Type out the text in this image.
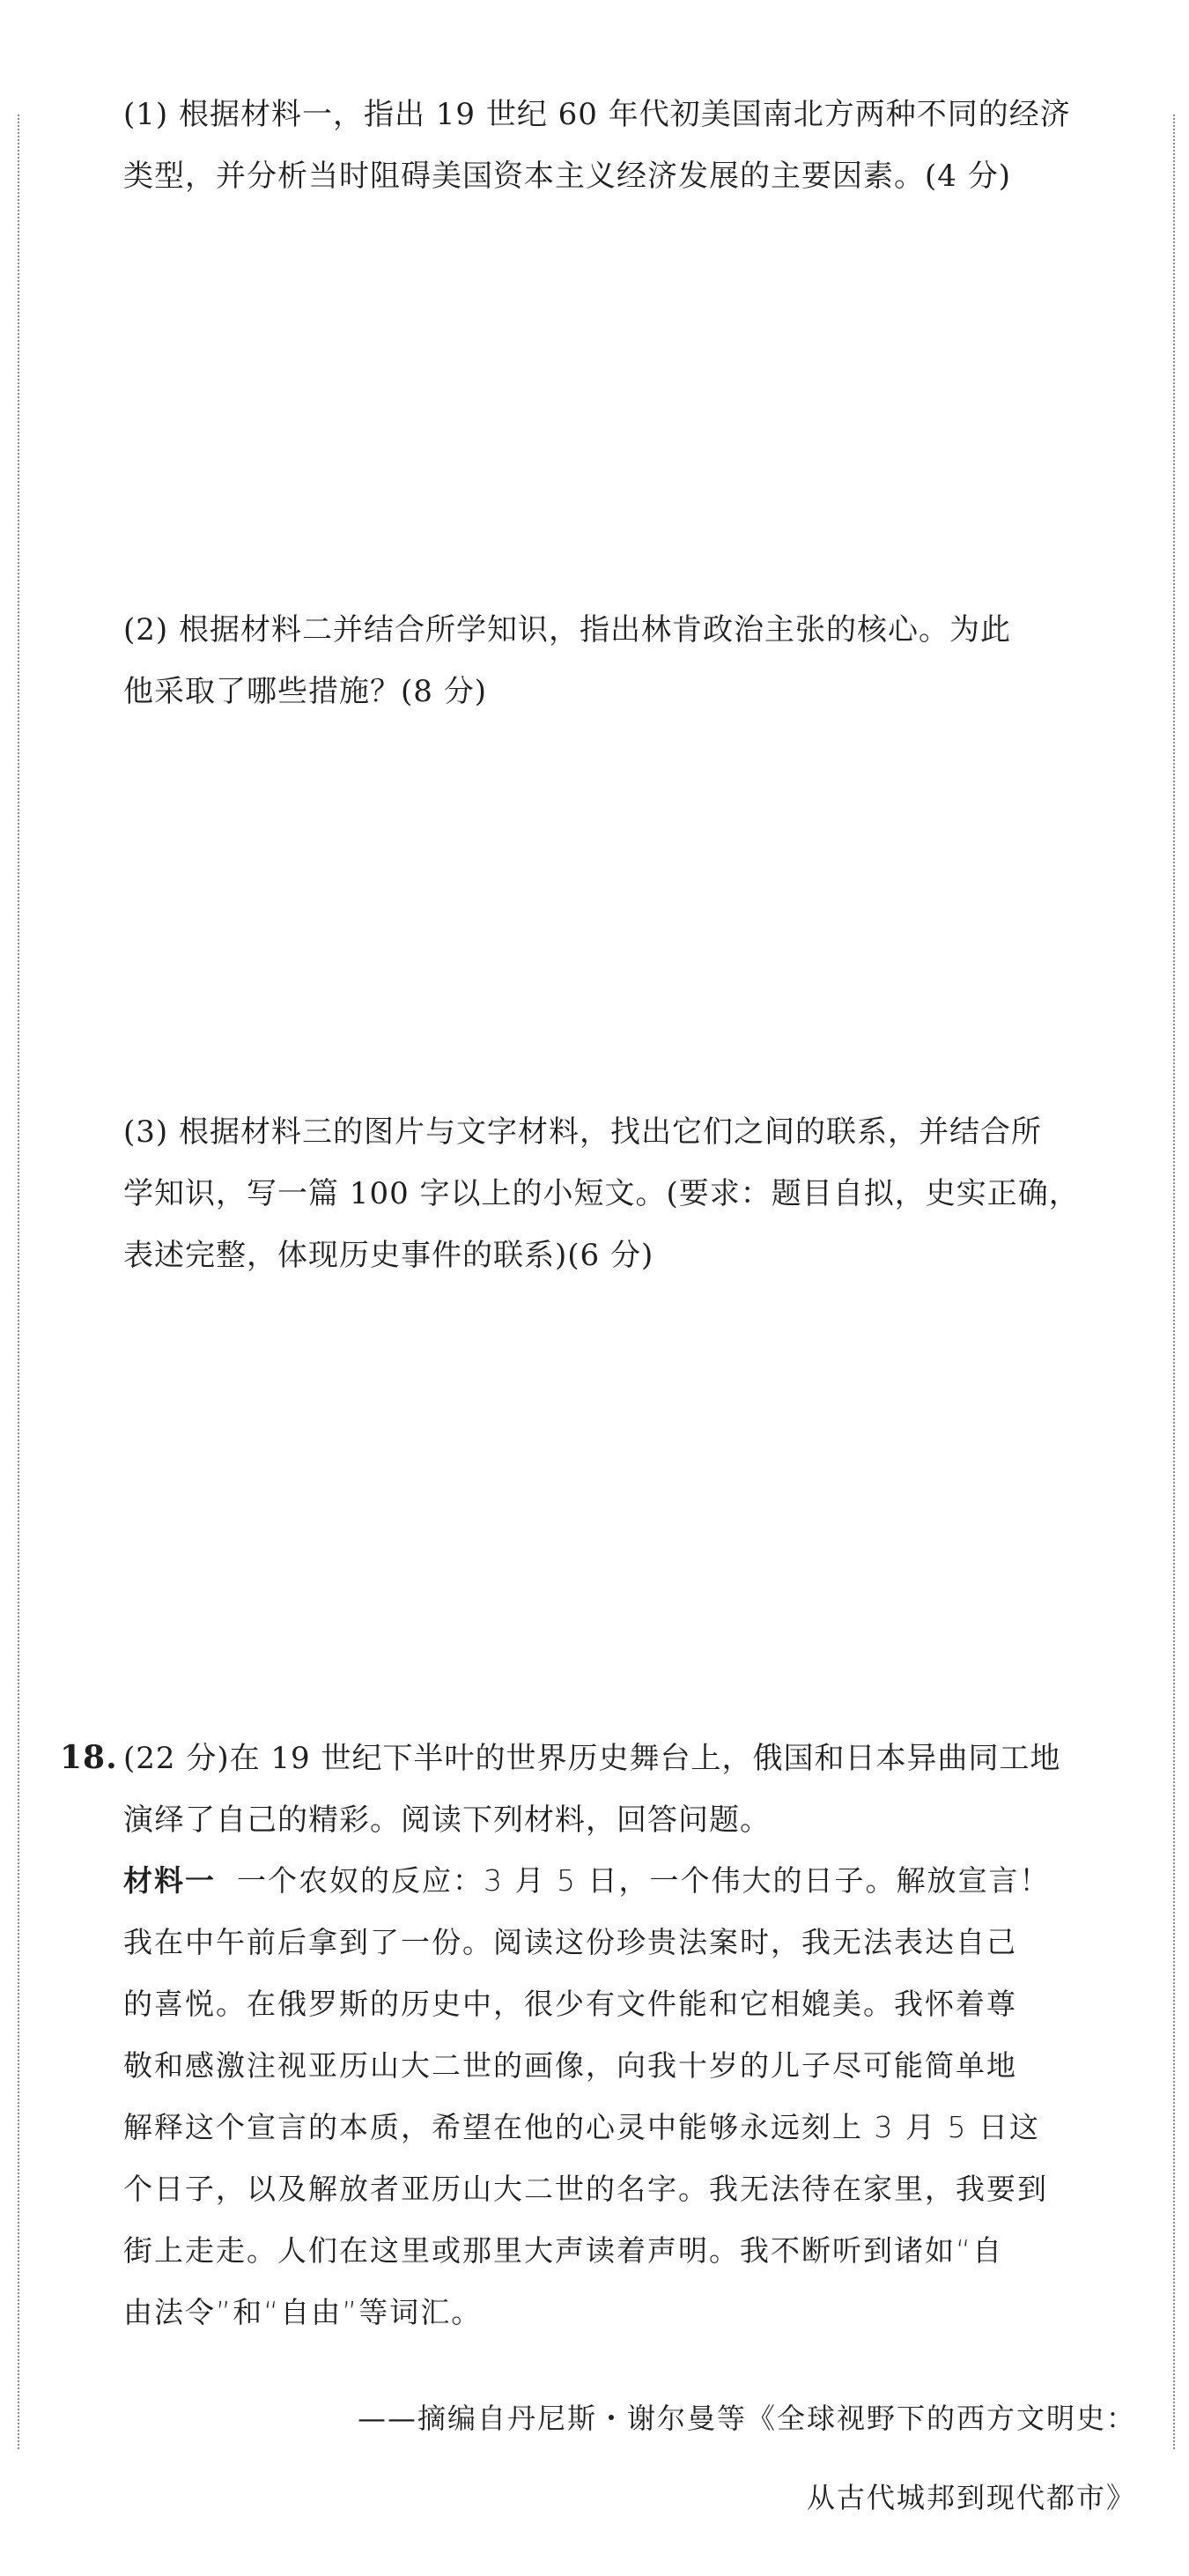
(1) 根据材料一，指出 19 世纪 60 年代初美国南北方两种不同的经济
类型，并分析当时阻碍美国资本主义经济发展的主要因素。(4 分)
(2) 根据材料二并结合所学知识，指出林肯政治主张的核心。为此
他采取了哪些措施？(8 分)
(3) 根据材料三的图片与文字材料，找出它们之间的联系，并结合所
学知识，写一篇 100 字以上的小短文。(要求：题目自拟，史实正确，
表述完整，体现历史事件的联系)(6 分)
18. (22 分)在 19 世纪下半叶的世界历史舞台上，俄国和日本异曲同工地
演绎了自己的精彩。阅读下列材料，回答问题。
材料一 一个农奴的反应：3 月 5 日，一个伟大的日子。解放宣言！
我在中午前后拿到了一份。阅读这份珍贵法案时，我无法表达自己
的喜悦。在俄罗斯的历史中，很少有文件能和它相媲美。我怀着尊
敬和感激注视亚历山大二世的画像，向我十岁的儿子尽可能简单地
解释这个宣言的本质，希望在他的心灵中能够永远刻上 3 月 5 日这
个日子，以及解放者亚历山大二世的名字。我无法待在家里，我要到
街上走走。人们在这里或那里大声读着声明。我不断听到诸如“自
由法令”和“自由”等词汇。
——摘编自丹尼斯・谢尔曼等《全球视野下的西方文明史：
从古代城邦到现代都市》
